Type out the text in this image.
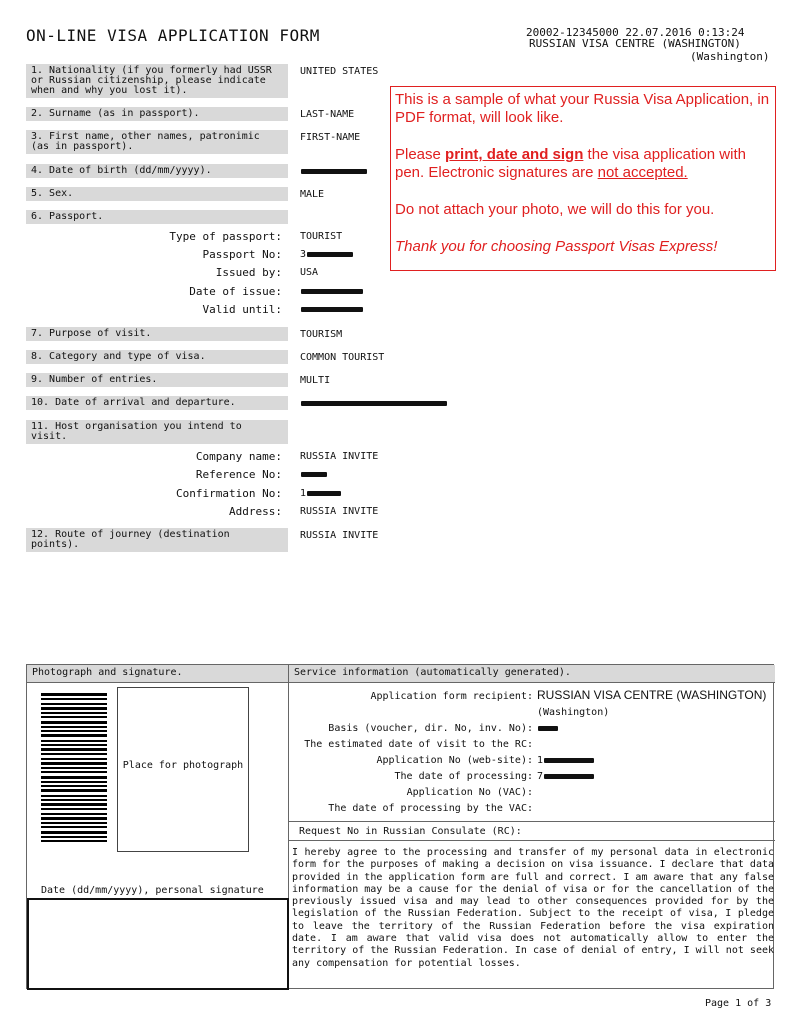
ON-LINE VISA APPLICATION FORM	20002-12345000 22.07.2016 0:13:24
RUSSIAN VISA CENTRE (WASHINGTON)
(Washington)
1. Nationality (if you formerly had USSR or Russian citizenship, please indicate when and why you lost it).
UNITED STATES
2. Surname (as in passport).	LAST-NAME
3. First name, other names, patronimic (as in passport).
FIRST-NAME
4. Date of birth (dd/mm/yyyy).
5. Sex.	MALE
6. Passport.
Type of passport: TOURIST
Passport No: 3
Issued by: USA
Date of issue:
Valid until:
7. Purpose of visit.	TOURISM
8. Category and type of visa.	COMMON TOURIST
9. Number of entries.	MULTI
10. Date of arrival and departure.
11. Host organisation you intend to visit.
Company name: RUSSIA INVITE
Reference No:
Confirmation No: 1
Address: RUSSIA INVITE
12. Route of journey (destination points).
RUSSIA INVITE

This is a sample of what your Russia Visa Application, in PDF format, will look like.

Please print, date and sign the visa application with pen. Electronic signatures are not accepted.

Do not attach your photo, we will do this for you.

Thank you for choosing Passport Visas Express!

Photograph and signature.	Service information (automatically generated).
Place for photograph
Date (dd/mm/yyyy), personal signature
Application form recipient: RUSSIAN VISA CENTRE (WASHINGTON)
(Washington)
Basis (voucher, dir. No, inv. No):
The estimated date of visit to the RC:
Application No (web-site): 1
The date of processing: 7
Application No (VAC):
The date of processing by the VAC:
Request No in Russian Consulate (RC):
I hereby agree to the processing and transfer of my personal data in electronic form for the purposes of making a decision on visa issuance. I declare that data provided in the application form are full and correct. I am aware that any false information may be a cause for the denial of visa or for the cancellation of the previously issued visa and may lead to other consequences provided for by the legislation of the Russian Federation. Subject to the receipt of visa, I pledge to leave the territory of the Russian Federation before the visa expiration date. I am aware that valid visa does not automatically allow to enter the territory of the Russian Federation. In case of denial of entry, I will not seek any compensation for potential losses.
Page 1 of 3
